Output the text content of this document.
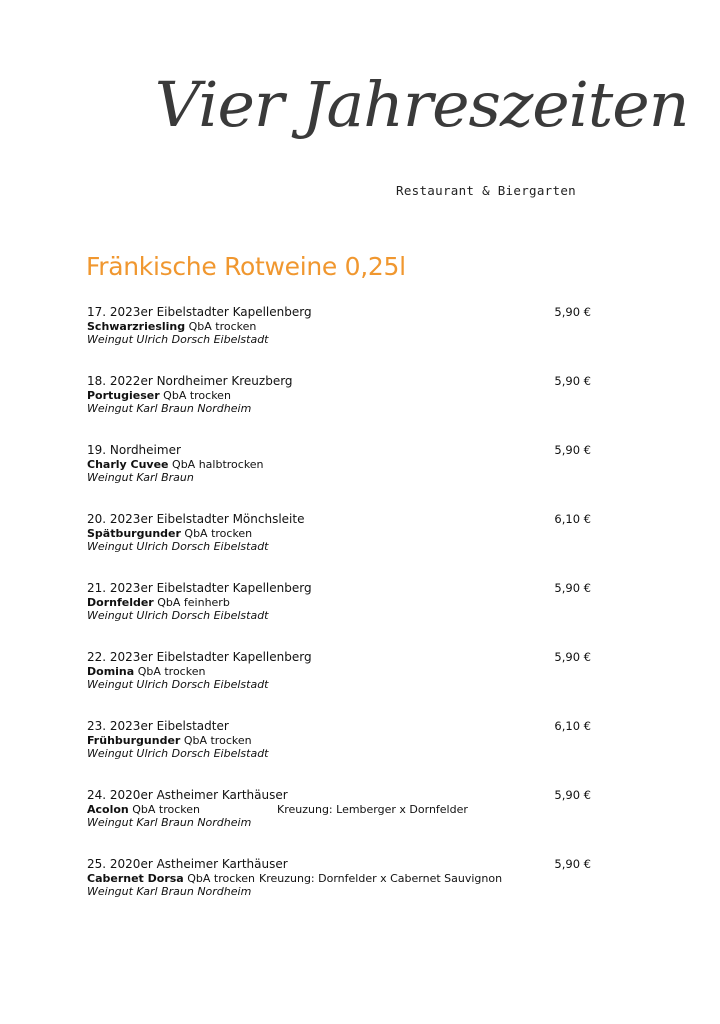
Vier Jahreszeiten
Restaurant & Biergarten
Fränkische Rotweine 0,25l
17. 2023er Eibelstadter Kapellenberg
Schwarzriesling QbA trocken
Weingut Ulrich Dorsch Eibelstadt
5,90 €
18. 2022er Nordheimer Kreuzberg
Portugieser QbA trocken
Weingut Karl Braun Nordheim
5,90 €
19. Nordheimer
Charly Cuvee QbA halbtrocken
Weingut Karl Braun
5,90 €
20. 2023er Eibelstadter Mönchsleite
Spätburgunder QbA trocken
Weingut Ulrich Dorsch Eibelstadt
6,10 €
21. 2023er Eibelstadter Kapellenberg
Dornfelder QbA feinherb
Weingut Ulrich Dorsch Eibelstadt
5,90 €
22. 2023er Eibelstadter Kapellenberg
Domina QbA trocken
Weingut Ulrich Dorsch Eibelstadt
5,90 €
23. 2023er Eibelstadter
Frühburgunder QbA trocken
Weingut Ulrich Dorsch Eibelstadt
6,10 €
24. 2020er Astheimer Karthäuser
Acolon QbA trocken
Weingut Karl Braun Nordheim
5,90 €
Kreuzung: Lemberger x Dornfelder
25. 2020er Astheimer Karthäuser
Cabernet Dorsa QbA trocken
Weingut Karl Braun Nordheim
5,90 €
Kreuzung: Dornfelder x Cabernet Sauvignon
